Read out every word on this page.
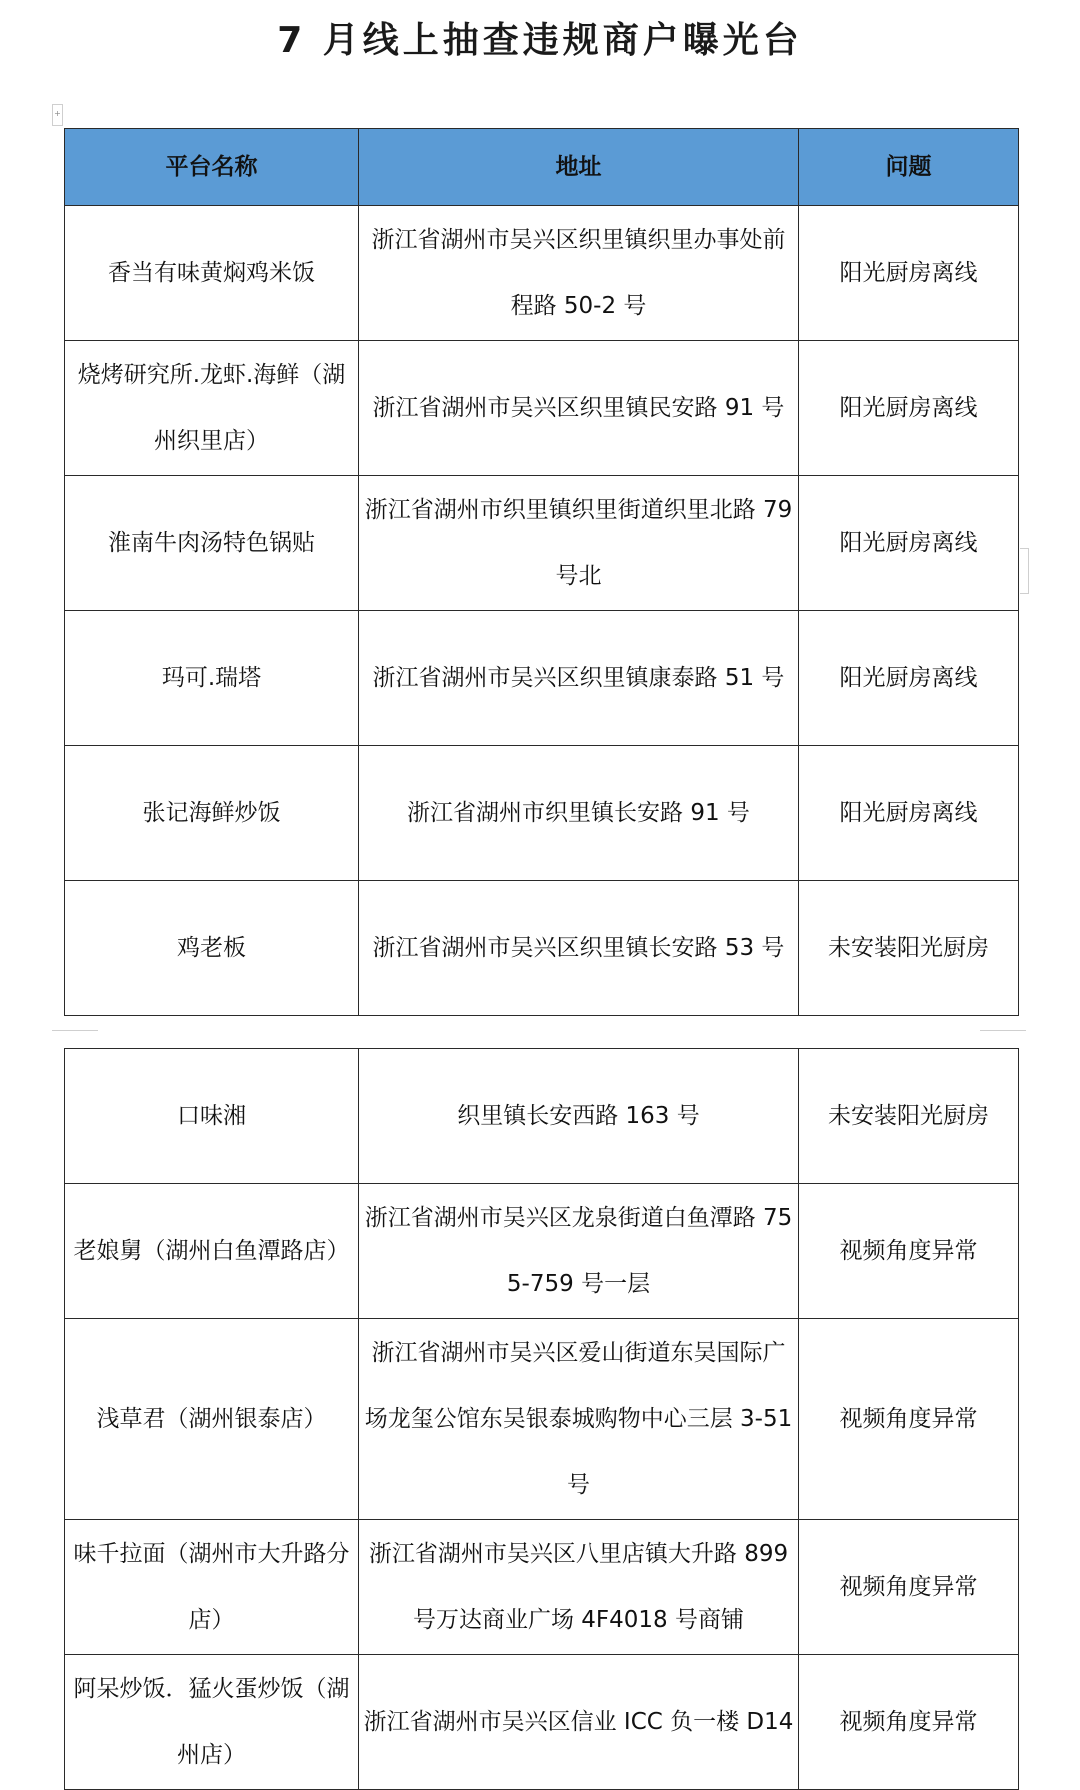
7 月线上抽查违规商户曝光台
+
平台名称	地址	问题
香当有味黄焖鸡米饭	浙江省湖州市吴兴区织里镇织里办事处前程路 50-2 号	阳光厨房离线
烧烤研究所.龙虾.海鲜（湖州织里店）	浙江省湖州市吴兴区织里镇民安路 91 号	阳光厨房离线
淮南牛肉汤特色锅贴	浙江省湖州市织里镇织里街道织里北路 79 号北	阳光厨房离线
玛可.瑞塔	浙江省湖州市吴兴区织里镇康泰路 51 号	阳光厨房离线
张记海鲜炒饭	浙江省湖州市织里镇长安路 91 号	阳光厨房离线
鸡老板	浙江省湖州市吴兴区织里镇长安路 53 号	未安装阳光厨房
口味湘	织里镇长安西路 163 号	未安装阳光厨房
老娘舅（湖州白鱼潭路店）	浙江省湖州市吴兴区龙泉街道白鱼潭路 755-759 号一层	视频角度异常
浅草君（湖州银泰店）	浙江省湖州市吴兴区爱山街道东吴国际广场龙玺公馆东吴银泰城购物中心三层 3-51 号	视频角度异常
味千拉面（湖州市大升路分店）	浙江省湖州市吴兴区八里店镇大升路 899 号万达商业广场 4F4018 号商铺	视频角度异常
阿呆炒饭．猛火蛋炒饭（湖州店）	浙江省湖州市吴兴区信业 ICC 负一楼 D14	视频角度异常
